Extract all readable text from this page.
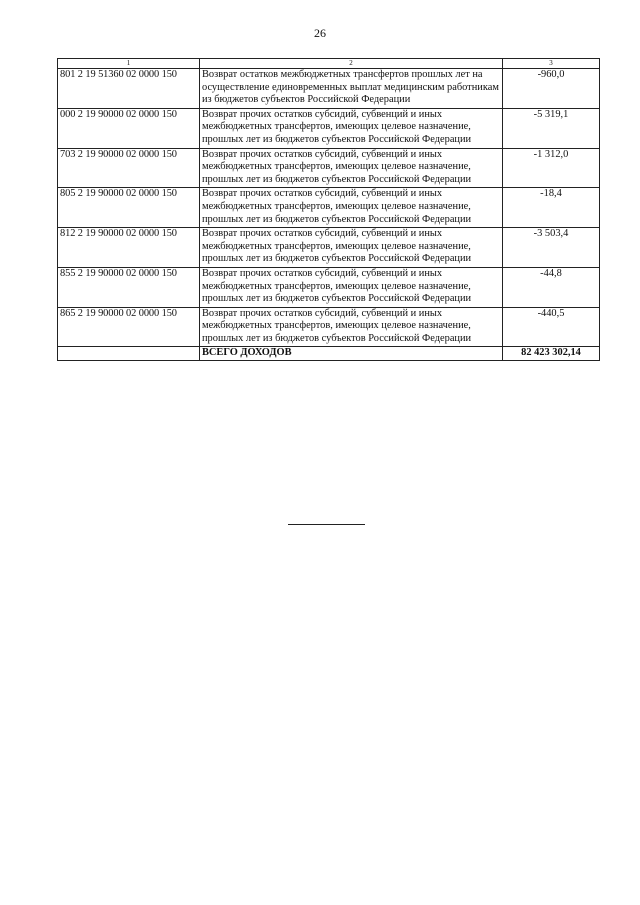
26
1	2	3
801 2 19 51360 02 0000 150	Возврат остатков межбюджетных трансфертов прошлых лет на осуществление единовременных выплат медицинским работникам из бюджетов субъектов Российской Федерации	-960,0
000 2 19 90000 02 0000 150	Возврат прочих остатков субсидий, субвенций и иных межбюджетных трансфертов, имеющих целевое назначение, прошлых лет из бюджетов субъектов Российской Федерации	-5 319,1
703 2 19 90000 02 0000 150	Возврат прочих остатков субсидий, субвенций и иных межбюджетных трансфертов, имеющих целевое назначение, прошлых лет из бюджетов субъектов Российской Федерации	-1 312,0
805 2 19 90000 02 0000 150	Возврат прочих остатков субсидий, субвенций и иных межбюджетных трансфертов, имеющих целевое назначение, прошлых лет из бюджетов субъектов Российской Федерации	-18,4
812 2 19 90000 02 0000 150	Возврат прочих остатков субсидий, субвенций и иных межбюджетных трансфертов, имеющих целевое назначение, прошлых лет из бюджетов субъектов Российской Федерации	-3 503,4
855 2 19 90000 02 0000 150	Возврат прочих остатков субсидий, субвенций и иных межбюджетных трансфертов, имеющих целевое назначение, прошлых лет из бюджетов субъектов Российской Федерации	-44,8
865 2 19 90000 02 0000 150	Возврат прочих остатков субсидий, субвенций и иных межбюджетных трансфертов, имеющих целевое назначение, прошлых лет из бюджетов субъектов Российской Федерации	-440,5
	ВСЕГО ДОХОДОВ	82 423 302,14
